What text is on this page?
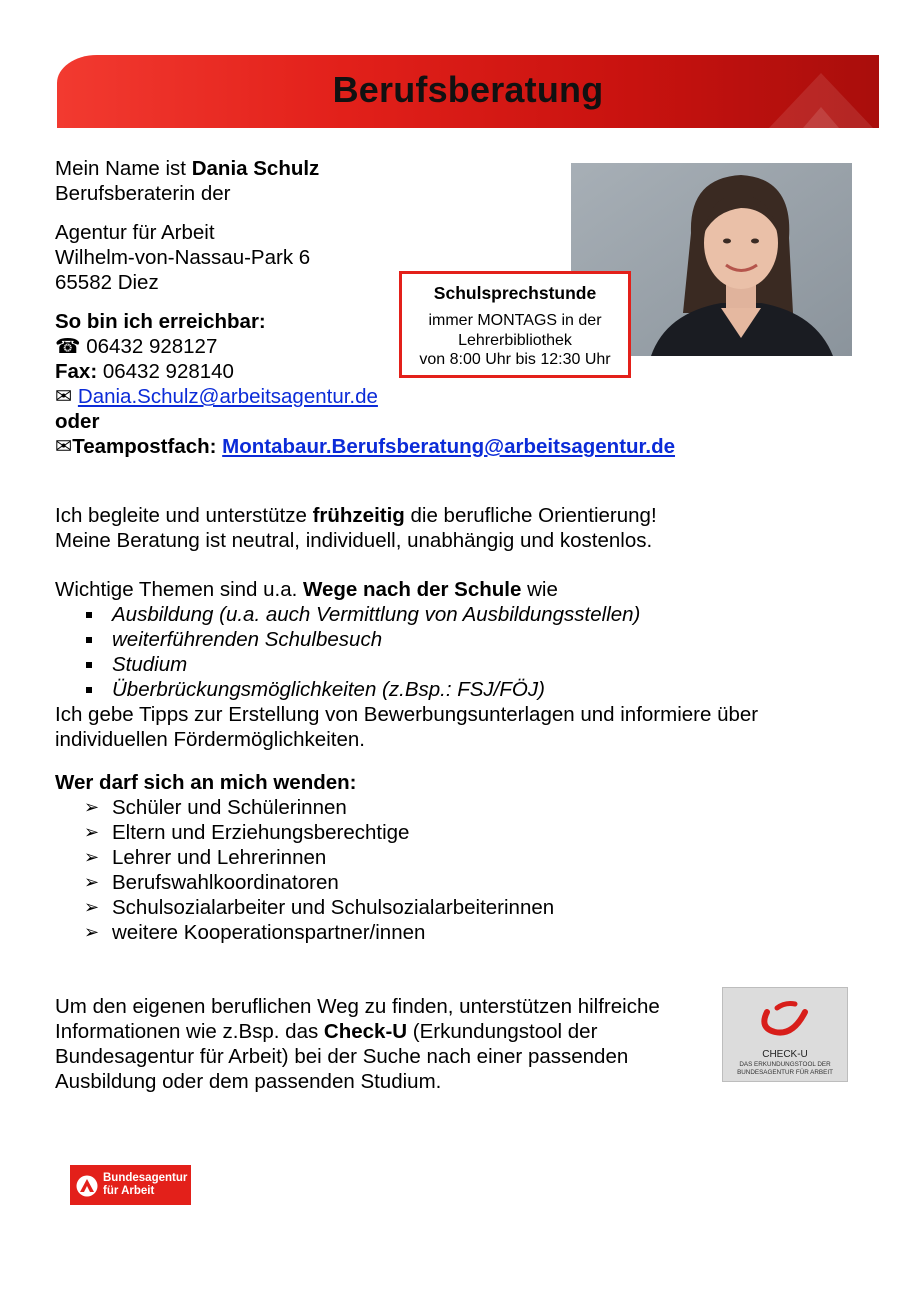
Berufsberatung
Mein Name ist Dania Schulz
Berufsberaterin der
Agentur für Arbeit
Wilhelm-von-Nassau-Park 6
65582 Diez	Schulsprechstunde
immer MONTAGS in der
Lehrerbibliothek
von 8:00 Uhr bis 12:30 Uhr
So bin ich erreichbar:
☎ 06432 928127
Fax: 06432 928140
✉ Dania.Schulz@arbeitsagentur.de
oder
✉Teampostfach: Montabaur.Berufsberatung@arbeitsagentur.de
Ich begleite und unterstütze frühzeitig die berufliche Orientierung!
Meine Beratung ist neutral, individuell, unabhängig und kostenlos.
Wichtige Themen sind u.a. Wege nach der Schule wie
Ausbildung (u.a. auch Vermittlung von Ausbildungsstellen)
weiterführenden Schulbesuch
Studium
Überbrückungsmöglichkeiten (z.Bsp.: FSJ/FÖJ)
Ich gebe Tipps zur Erstellung von Bewerbungsunterlagen und informiere über
individuellen Fördermöglichkeiten.
Wer darf sich an mich wenden:
➢ Schüler und Schülerinnen
➢ Eltern und Erziehungsberechtige
➢ Lehrer und Lehrerinnen
➢ Berufswahlkoordinatoren
➢ Schulsozialarbeiter und Schulsozialarbeiterinnen
➢ weitere Kooperationspartner/innen
Um den eigenen beruflichen Weg zu finden, unterstützen hilfreiche
Informationen wie z.Bsp. das Check-U (Erkundungstool der
Bundesagentur für Arbeit) bei der Suche nach einer passenden
Ausbildung oder dem passenden Studium.
CHECK-U
DAS ERKUNDUNGSTOOL DER
BUNDESAGENTUR FÜR ARBEIT
Bundesagentur
für Arbeit
